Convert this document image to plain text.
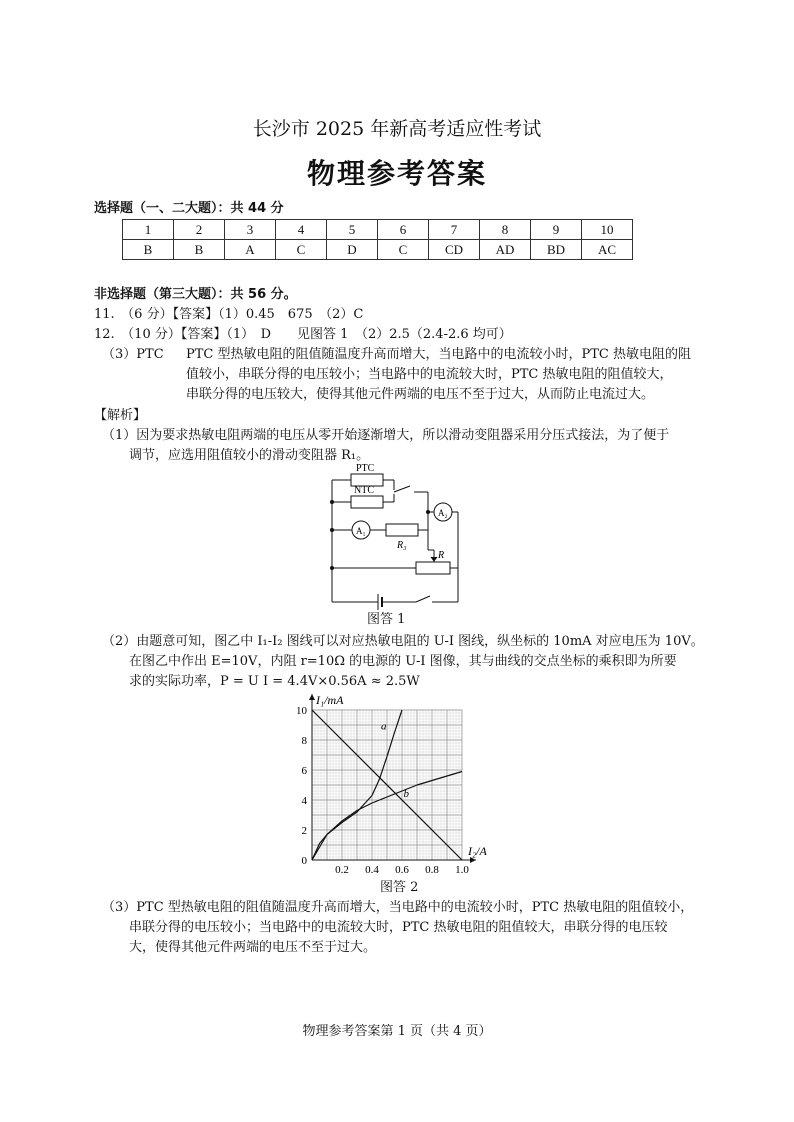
长沙市 2025 年新高考适应性考试
物理参考答案
选择题（一、二大题）：共 44 分
1	2	3	4	5	6	7	8	9	10
B	B	A	C	D	C	CD	AD	BD	AC
非选择题（第三大题）：共 56 分。
11.　（6 分）【答案】（1）0.45　675　（2）C
12.　（10 分）【答案】（1）　D　　见图答 1　（2）2.5（2.4-2.6 均可）
（3）PTC PTC 型热敏电阻的阻值随温度升高而增大，当电路中的电流较小时，PTC 热敏电阻的阻
值较小，串联分得的电压较小；当电路中的电流较大时，PTC 热敏电阻的阻值较大，
串联分得的电压较大，使得其他元件两端的电压不至于过大，从而防止电流过大。
【解析】
（1）因为要求热敏电阻两端的电压从零开始逐渐增大，所以滑动变阻器采用分压式接法，为了便于
调节，应选用阻值较小的滑动变阻器 R₁。
PTC
NTC
A₁
A₂
R₃
R
图答 1
（2）由题意可知，图乙中 I₁-I₂ 图线可以对应热敏电阻的 U-I 图线，纵坐标的 10mA 对应电压为 10V。
在图乙中作出 E=10V，内阻 r=10Ω 的电源的 U-I 图像，其与曲线的交点坐标的乘积即为所要
求的实际功率，P = U I = 4.4V×0.56A ≈ 2.5W
0.2 0.4 0.6 0.8 1.0
0
2
4
6
8
10
I₁/mA
I₂/A
a
b
图答 2
（3）PTC 型热敏电阻的阻值随温度升高而增大，当电路中的电流较小时，PTC 热敏电阻的阻值较小，
串联分得的电压较小；当电路中的电流较大时，PTC 热敏电阻的阻值较大，串联分得的电压较
大，使得其他元件两端的电压不至于过大。
物理参考答案第 1 页（共 4 页）
